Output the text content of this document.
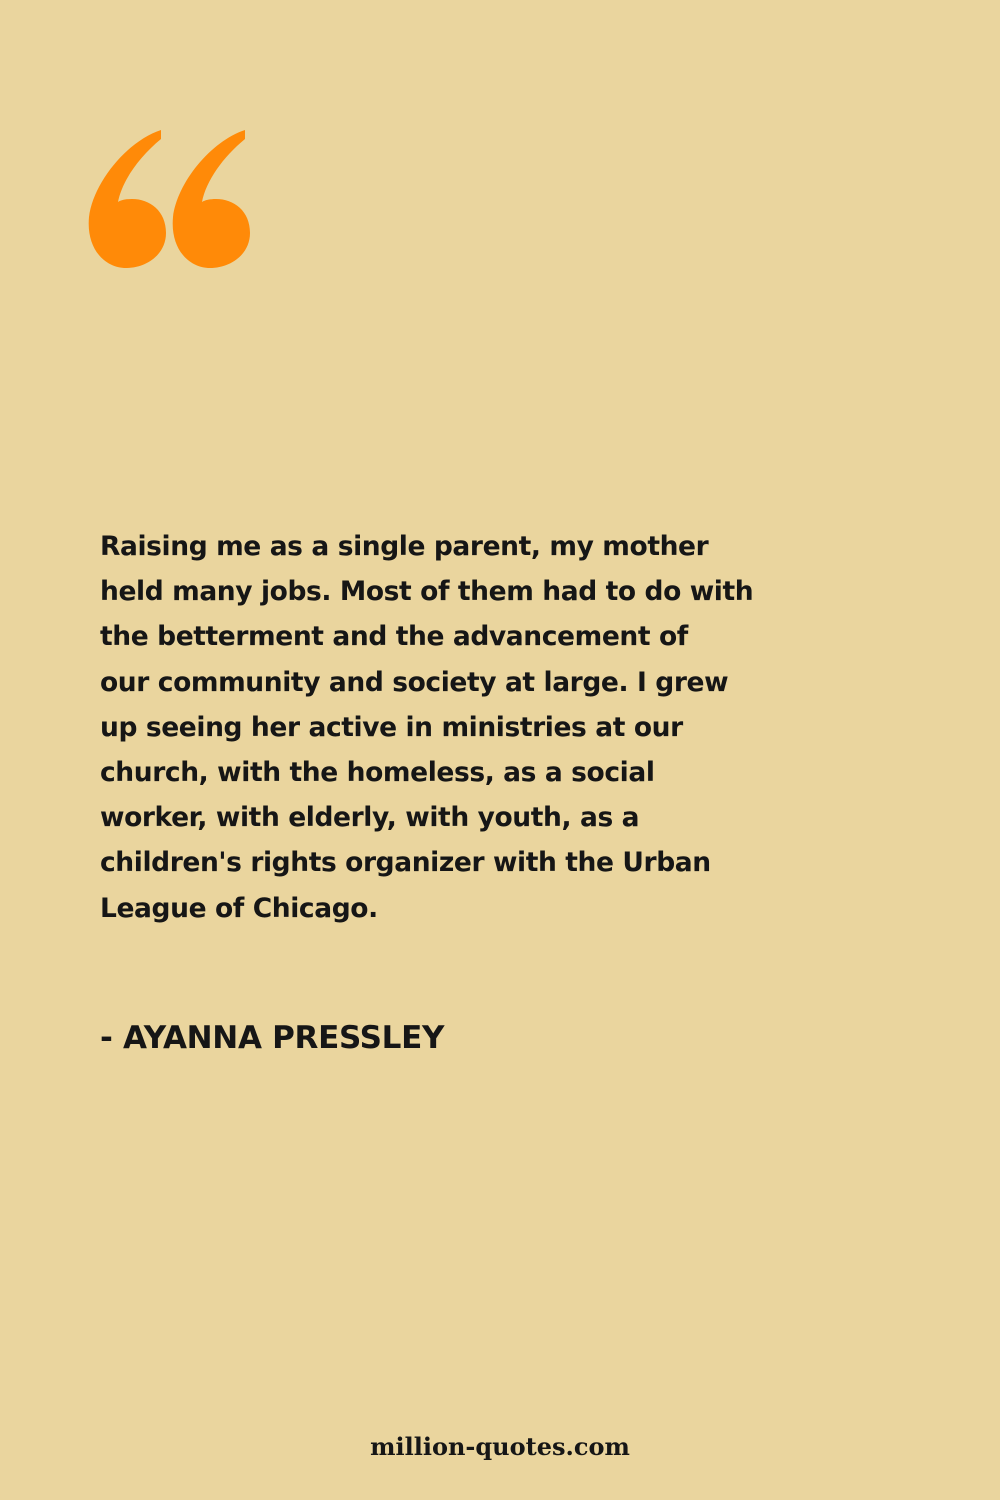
Raising me as a single parent, my mother
held many jobs. Most of them had to do with
the betterment and the advancement of
our community and society at large. I grew
up seeing her active in ministries at our
church, with the homeless, as a social
worker, with elderly, with youth, as a
children's rights organizer with the Urban
League of Chicago.
- AYANNA PRESSLEY
million-quotes.com
